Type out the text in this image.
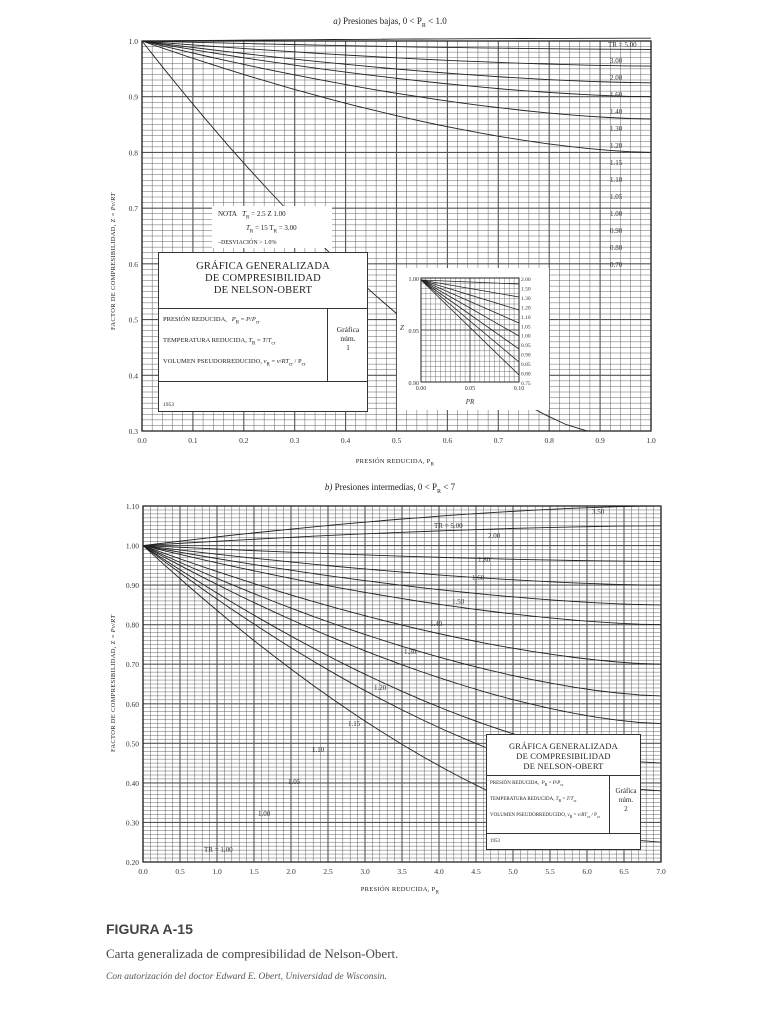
a) Presiones bajas, $0 < P_R < 1.0$
FACTOR DE COMPRESIBILIDAD, Z = Pv/RT
0.0	0.1	0.2	0.3	0.4	0.5	0.6	0.7	0.8	0.9	1.0
0.3
0.4
0.5
0.6
0.7
0.8
0.9
1.0	TR = 5.00
3.00
2.00
1.60
1.40
1.30
1.20
1.15
1.10
1.05
1.00
0.90
0.80
0.70
PRESIÓN REDUCIDA, $P_R$
NOTA $T_R = 2.5$ Z 1.00
$T_R = 15$ $T_R = 3.00$
–DESVIACIÓN > 1.0%
GRÁFICA GENERALIZADA
DE COMPRESIBILIDAD
DE NELSON-OBERT
PRESIÓN REDUCIDA, $P_R = P/P_{cr}$
TEMPERATURA REDUCIDA, $T_R = T/T_{cr}$
VOLUMEN PSEUDORREDUCIDO, $v_R = v/RT_{cr} / P_{cr}$
Gráfica
núm.
1
1953
0.00	0.05	0.10
1.00
0.95
0.90
2.00
1.50
1.30
1.20
1.10
1.05
1.00
0.95
0.90
0.85
0.80
0.75
PR
Z
b) Presiones intermedias, $0 < P_R < 7$
FACTOR DE COMPRESIBILIDAD, Z = Pv/RT
0.0	0.5	1.0	1.5	2.0	2.5	3.0	3.5	4.0	4.5	5.0	5.5	6.0	6.5	7.0
0.20
0.30
0.40
0.50
0.60
0.70
0.80
0.90
1.00
1.10
TR = 5.00
3.50
2.00
1.80
1.60
1.50
1.40
1.30
1.20
1.15
1.10
1.05
1.00
TR = 1.00
PRESIÓN REDUCIDA, $P_R$
GRÁFICA GENERALIZADA
DE COMPRESIBILIDAD
DE NELSON-OBERT
PRESIÓN REDUCIDA, $P_R = P/P_{cr}$
TEMPERATURA REDUCIDA, $T_R = T/T_{cr}$
VOLUMEN PSEUDORREDUCIDO, $v_R = v/RT_{cr} / P_{cr}$
Gráfica
núm.
2
1953
FIGURA A-15
Carta generalizada de compresibilidad de Nelson-Obert.
Con autorización del doctor Edward E. Obert, Universidad de Wisconsin.
